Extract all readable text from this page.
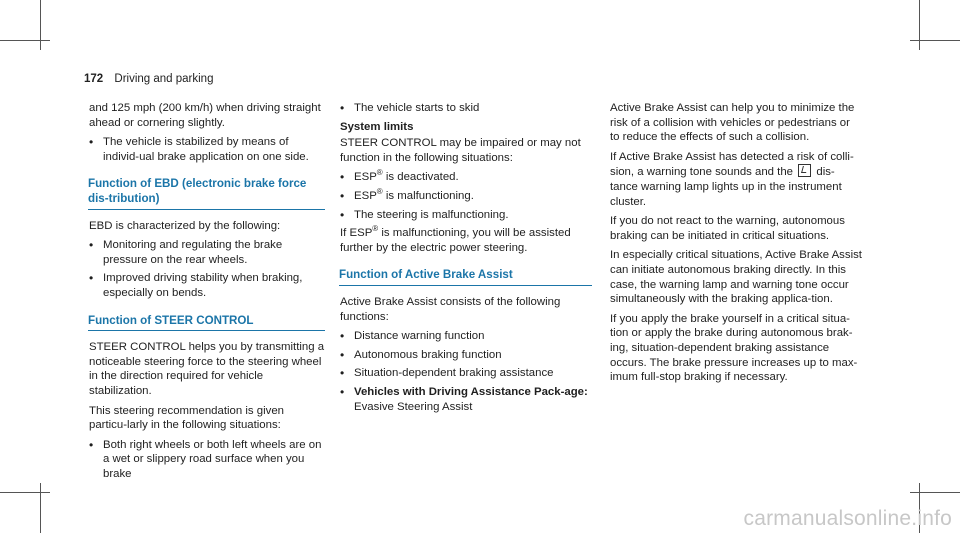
172 Driving and parking

and 125 mph (200 km/h) when driving straight ahead or cornering slightly.

• The vehicle is stabilized by means of individ-ual brake application on one side.
Function of EBD (electronic brake force dis-tribution)

EBD is characterized by the following:

• Monitoring and regulating the brake pressure on the rear wheels.
• Improved driving stability when braking, especially on bends.
Function of STEER CONTROL

STEER CONTROL helps you by transmitting a noticeable steering force to the steering wheel in the direction required for vehicle stabilization.

This steering recommendation is given particu-larly in the following situations:

• Both right wheels or both left wheels are on a wet or slippery road surface when you brake
• The vehicle starts to skid
System limits

STEER CONTROL may be impaired or may not function in the following situations:

• ESP® is deactivated.
• ESP® is malfunctioning.
• The steering is malfunctioning.

If ESP® is malfunctioning, you will be assisted further by the electric power steering.

Function of Active Brake Assist

Active Brake Assist consists of the following functions:

• Distance warning function
• Autonomous braking function
• Situation-dependent braking assistance
• Vehicles with Driving Assistance Pack-age: Evasive Steering Assist

Active Brake Assist can help you to minimize the risk of a collision with vehicles or pedestrians or to reduce the effects of such a collision.

If Active Brake Assist has detected a risk of colli-sion, a warning tone sounds and the dis-tance warning lamp lights up in the instrument cluster.

If you do not react to the warning, autonomous braking can be initiated in critical situations.

In especially critical situations, Active Brake Assist can initiate autonomous braking directly. In this case, the warning lamp and warning tone occur simultaneously with the braking applica-tion.

If you apply the brake yourself in a critical situa-tion or apply the brake during autonomous brak-ing, situation-dependent braking assistance occurs. The brake pressure increases up to max-imum full-stop braking if necessary.

carmanualsonline.info
